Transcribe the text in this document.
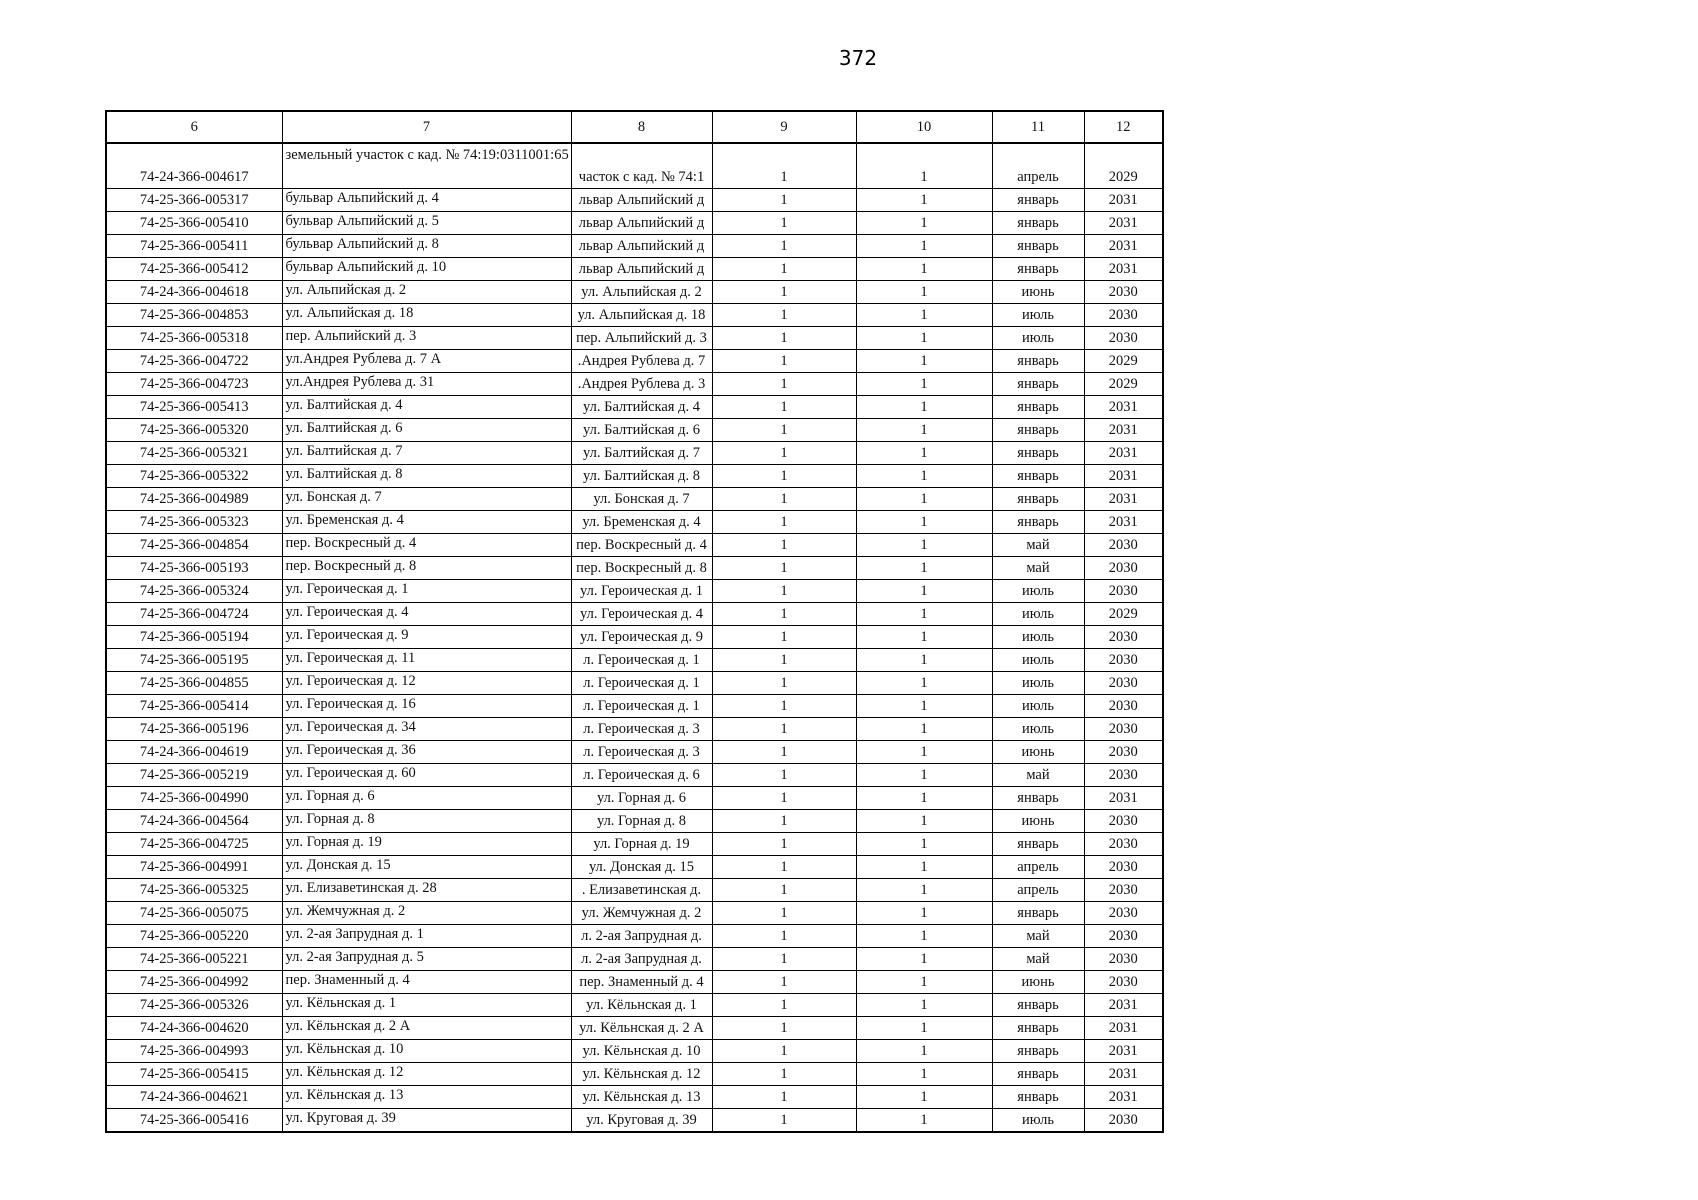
372
6	7	8	9	10	11	12
74-24-366-004617	земельный участок с кад. № 74:19:0311001:65	часток с кад. № 74:1	1	1	апрель	2029
74-25-366-005317	бульвар Альпийский д. 4	львар Альпийский д	1	1	январь	2031
74-25-366-005410	бульвар Альпийский д. 5	львар Альпийский д	1	1	январь	2031
74-25-366-005411	бульвар Альпийский д. 8	львар Альпийский д	1	1	январь	2031
74-25-366-005412	бульвар Альпийский д. 10	львар Альпийский д	1	1	январь	2031
74-24-366-004618	ул. Альпийская д. 2	ул. Альпийская д. 2	1	1	июнь	2030
74-25-366-004853	ул. Альпийская д. 18	ул. Альпийская д. 18	1	1	июль	2030
74-25-366-005318	пер. Альпийский д. 3	пер. Альпийский д. 3	1	1	июль	2030
74-25-366-004722	ул.Андрея Рублева д. 7 А	.Андрея Рублева д. 7	1	1	январь	2029
74-25-366-004723	ул.Андрея Рублева д. 31	.Андрея Рублева д. 3	1	1	январь	2029
74-25-366-005413	ул. Балтийская д. 4	ул. Балтийская д. 4	1	1	январь	2031
74-25-366-005320	ул. Балтийская д. 6	ул. Балтийская д. 6	1	1	январь	2031
74-25-366-005321	ул. Балтийская д. 7	ул. Балтийская д. 7	1	1	январь	2031
74-25-366-005322	ул. Балтийская д. 8	ул. Балтийская д. 8	1	1	январь	2031
74-25-366-004989	ул. Бонская д. 7	ул. Бонская д. 7	1	1	январь	2031
74-25-366-005323	ул. Бременская д. 4	ул. Бременская д. 4	1	1	январь	2031
74-25-366-004854	пер. Воскресный д. 4	пер. Воскресный д. 4	1	1	май	2030
74-25-366-005193	пер. Воскресный д. 8	пер. Воскресный д. 8	1	1	май	2030
74-25-366-005324	ул. Героическая д. 1	ул. Героическая д. 1	1	1	июль	2030
74-25-366-004724	ул. Героическая д. 4	ул. Героическая д. 4	1	1	июль	2029
74-25-366-005194	ул. Героическая д. 9	ул. Героическая д. 9	1	1	июль	2030
74-25-366-005195	ул. Героическая д. 11	л. Героическая д. 1	1	1	июль	2030
74-25-366-004855	ул. Героическая д. 12	л. Героическая д. 1	1	1	июль	2030
74-25-366-005414	ул. Героическая д. 16	л. Героическая д. 1	1	1	июль	2030
74-25-366-005196	ул. Героическая д. 34	л. Героическая д. 3	1	1	июль	2030
74-24-366-004619	ул. Героическая д. 36	л. Героическая д. 3	1	1	июнь	2030
74-25-366-005219	ул. Героическая д. 60	л. Героическая д. 6	1	1	май	2030
74-25-366-004990	ул. Горная д. 6	ул. Горная д. 6	1	1	январь	2031
74-24-366-004564	ул. Горная д. 8	ул. Горная д. 8	1	1	июнь	2030
74-25-366-004725	ул. Горная д. 19	ул. Горная д. 19	1	1	январь	2030
74-25-366-004991	ул. Донская д. 15	ул. Донская д. 15	1	1	апрель	2030
74-25-366-005325	ул. Елизаветинская д. 28	. Елизаветинская д.	1	1	апрель	2030
74-25-366-005075	ул. Жемчужная д. 2	ул. Жемчужная д. 2	1	1	январь	2030
74-25-366-005220	ул. 2-ая Запрудная д. 1	л. 2-ая Запрудная д.	1	1	май	2030
74-25-366-005221	ул. 2-ая Запрудная д. 5	л. 2-ая Запрудная д.	1	1	май	2030
74-25-366-004992	пер. Знаменный д. 4	пер. Знаменный д. 4	1	1	июнь	2030
74-25-366-005326	ул. Кёльнская д. 1	ул. Кёльнская д. 1	1	1	январь	2031
74-24-366-004620	ул. Кёльнская д. 2 А	ул. Кёльнская д. 2 А	1	1	январь	2031
74-25-366-004993	ул. Кёльнская д. 10	ул. Кёльнская д. 10	1	1	январь	2031
74-25-366-005415	ул. Кёльнская д. 12	ул. Кёльнская д. 12	1	1	январь	2031
74-24-366-004621	ул. Кёльнская д. 13	ул. Кёльнская д. 13	1	1	январь	2031
74-25-366-005416	ул. Круговая д. 39	ул. Круговая д. 39	1	1	июль	2030
